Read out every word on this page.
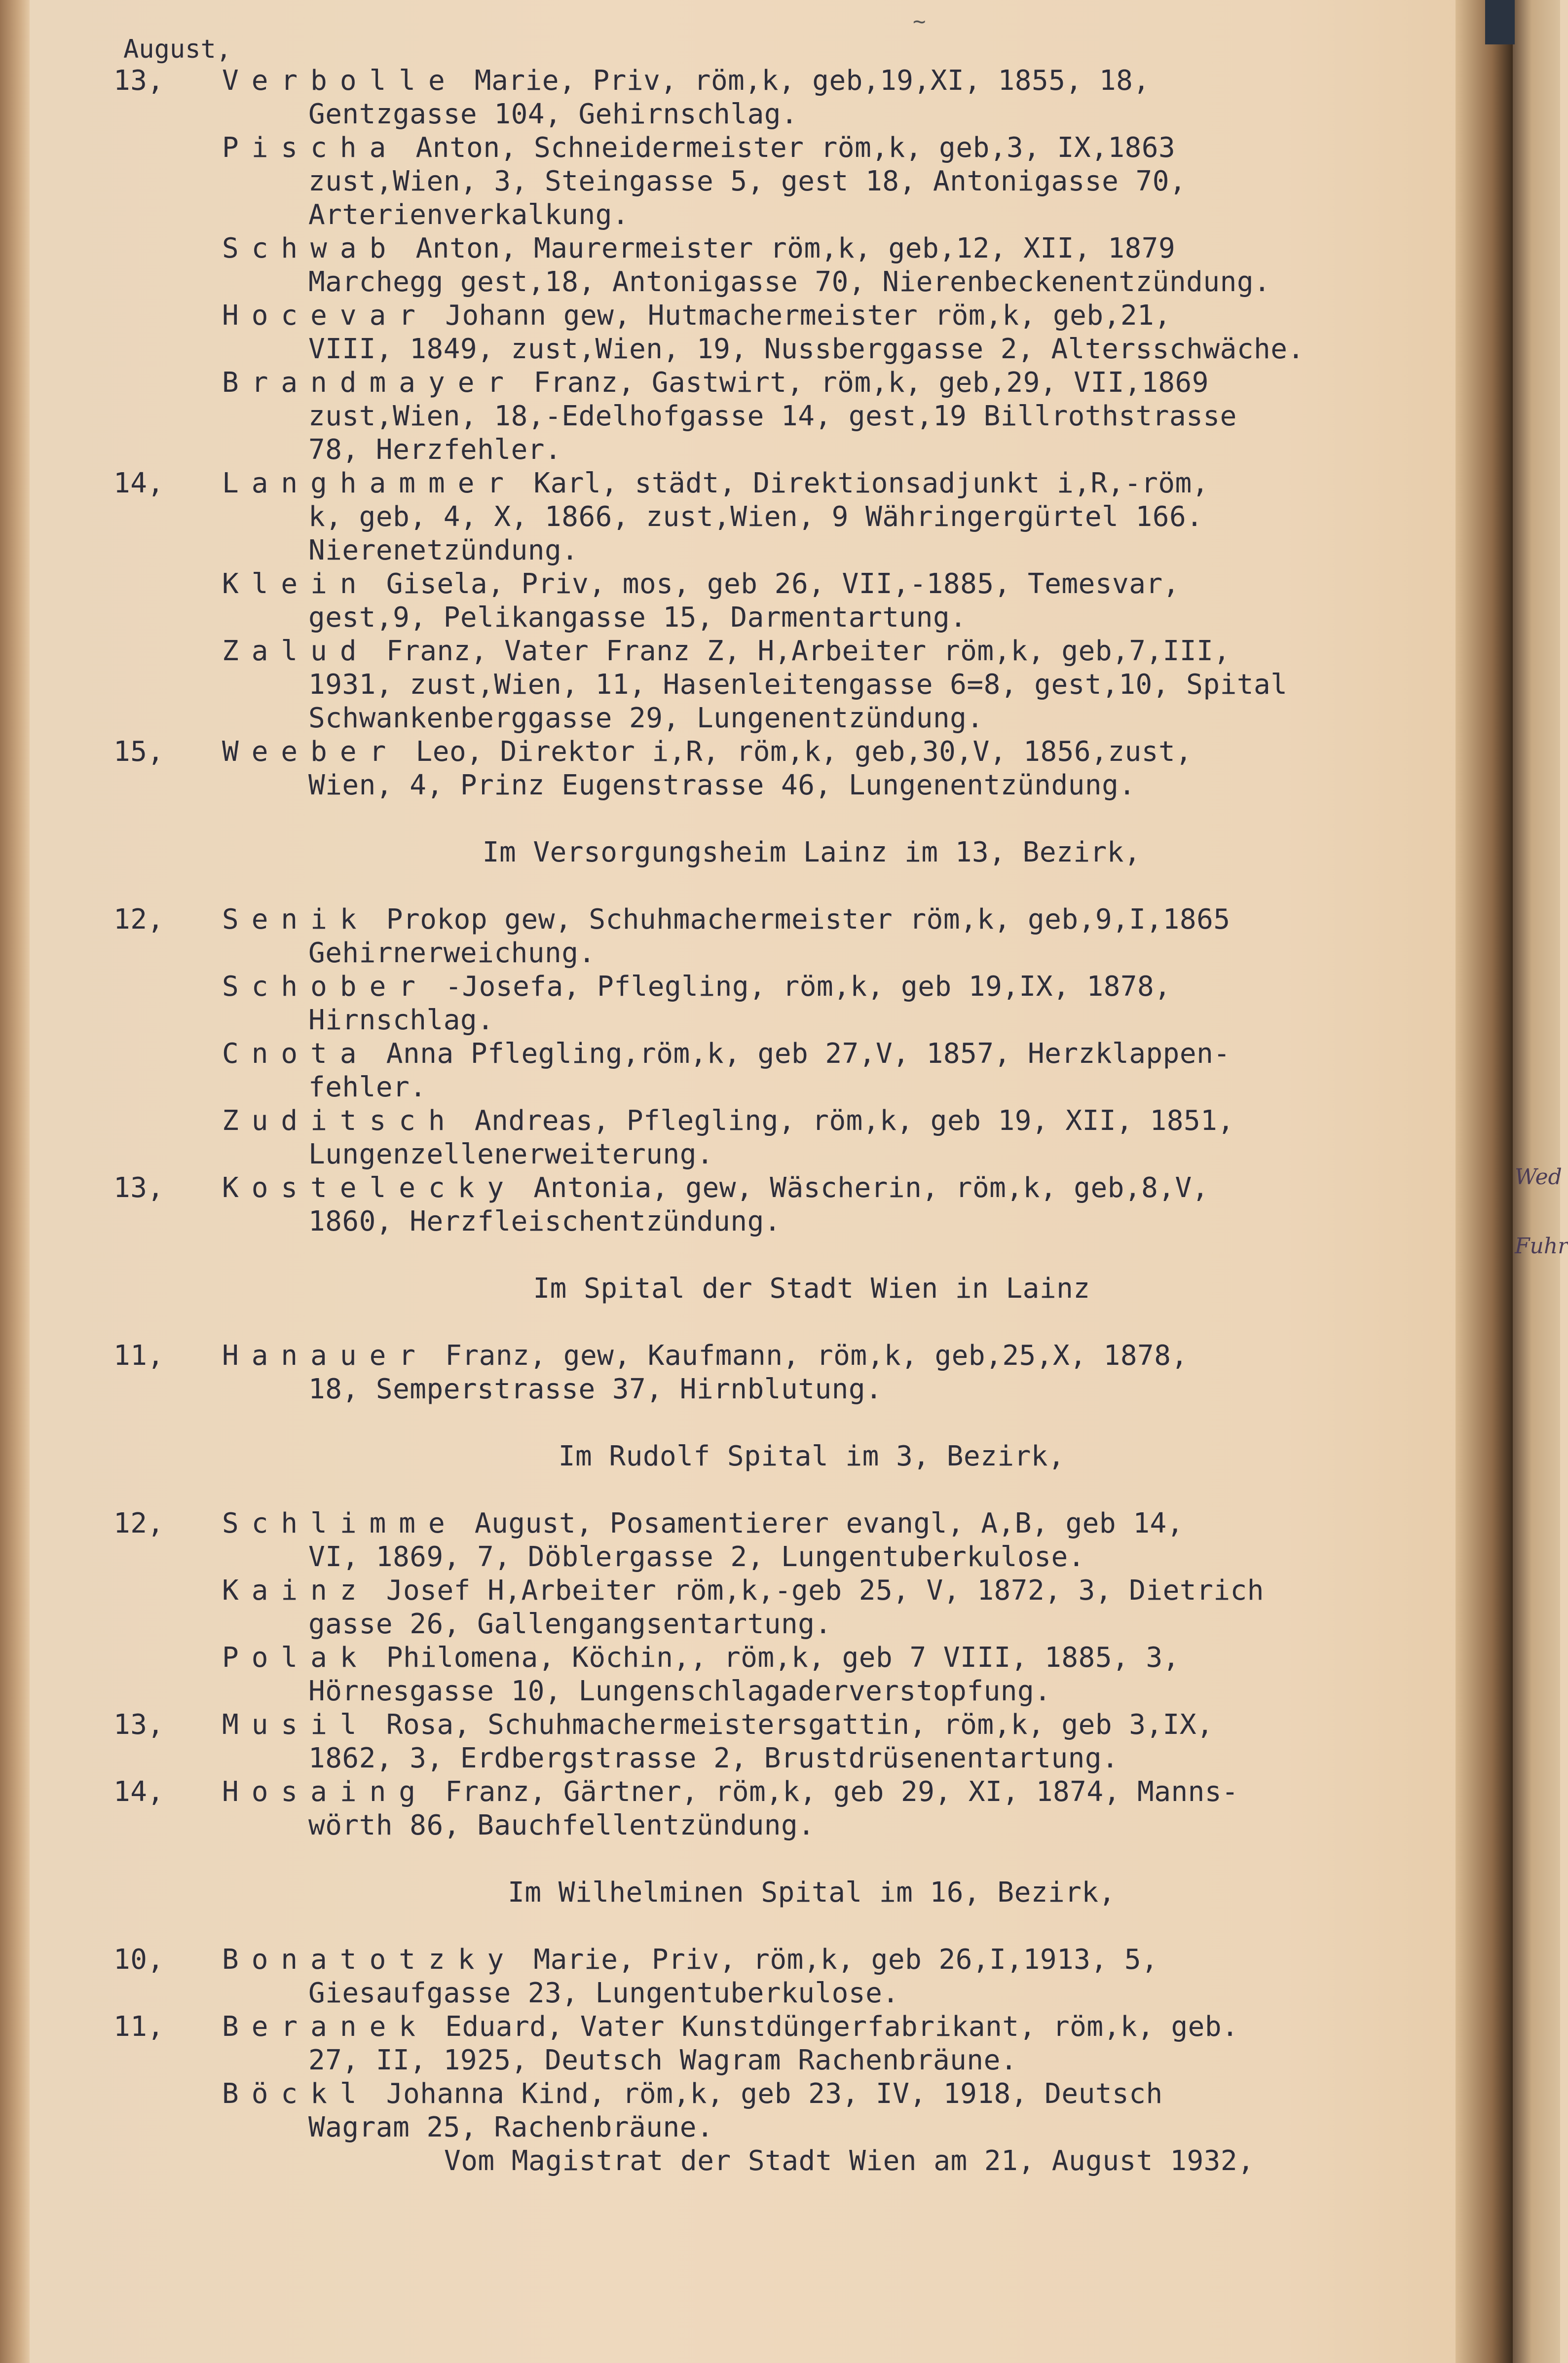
Wed
Fuhr
~
August,
13,	Verbolle Marie, Priv, röm,k, geb,19,XI, 1855, 18,
Gentzgasse 104, Gehirnschlag.
Pischa Anton, Schneidermeister röm,k, geb,3, IX,1863
zust,Wien, 3, Steingasse 5, gest 18, Antonigasse 70,
Arterienverkalkung.
Schwab Anton, Maurermeister röm,k, geb,12, XII, 1879
Marchegg gest,18, Antonigasse 70, Nierenbeckenentzündung.
Hocevar Johann gew, Hutmachermeister röm,k, geb,21,
VIII, 1849, zust,Wien, 19, Nussberggasse 2, Altersschwäche.
Brandmayer Franz, Gastwirt, röm,k, geb,29, VII,1869
zust,Wien, 18,-Edelhofgasse 14, gest,19 Billrothstrasse
78, Herzfehler.
14,	Langhammer Karl, städt, Direktionsadjunkt i,R,-röm,
k, geb, 4, X, 1866, zust,Wien, 9 Währingergürtel 166.
Nierenetzündung.
Klein Gisela, Priv, mos, geb 26, VII,-1885, Temesvar,
gest,9, Pelikangasse 15, Darmentartung.
Zalud Franz, Vater Franz Z, H,Arbeiter röm,k, geb,7,III,
1931, zust,Wien, 11, Hasenleitengasse 6=8, gest,10, Spital
Schwankenberggasse 29, Lungenentzündung.
15,	Weeber Leo, Direktor i,R, röm,k, geb,30,V, 1856,zust,
Wien, 4, Prinz Eugenstrasse 46, Lungenentzündung.
Im Versorgungsheim Lainz im 13, Bezirk,
12,	Senik Prokop gew, Schuhmachermeister röm,k, geb,9,I,1865
Gehirnerweichung.
Schober -Josefa, Pflegling, röm,k, geb 19,IX, 1878,
Hirnschlag.
Cnota Anna Pflegling,röm,k, geb 27,V, 1857, Herzklappen-
fehler.
Zuditsch Andreas, Pflegling, röm,k, geb 19, XII, 1851,
Lungenzellenerweiterung.
13,	Kostelecky Antonia, gew, Wäscherin, röm,k, geb,8,V,
1860, Herzfleischentzündung.
Im Spital der Stadt Wien in Lainz
11,	Hanauer Franz, gew, Kaufmann, röm,k, geb,25,X, 1878,
18, Semperstrasse 37, Hirnblutung.
Im Rudolf Spital im 3, Bezirk,
12,	Schlimme August, Posamentierer evangl, A,B, geb 14,
VI, 1869, 7, Döblergasse 2, Lungentuberkulose.
Kainz Josef H,Arbeiter röm,k,-geb 25, V, 1872, 3, Dietrich
gasse 26, Gallengangsentartung.
Polak Philomena, Köchin,, röm,k, geb 7 VIII, 1885, 3,
Hörnesgasse 10, Lungenschlagaderverstopfung.
13,	Musil Rosa, Schuhmachermeistersgattin, röm,k, geb 3,IX,
1862, 3, Erdbergstrasse 2, Brustdrüsenentartung.
14,	Hosaing Franz, Gärtner, röm,k, geb 29, XI, 1874, Manns-
wörth 86, Bauchfellentzündung.
Im Wilhelminen Spital im 16, Bezirk,
10,	Bonatotzky Marie, Priv, röm,k, geb 26,I,1913, 5,
Giesaufgasse 23, Lungentuberkulose.
11,	Beranek Eduard, Vater Kunstdüngerfabrikant, röm,k, geb.
27, II, 1925, Deutsch Wagram Rachenbräune.
Böckl Johanna Kind, röm,k, geb 23, IV, 1918, Deutsch
Wagram 25, Rachenbräune.
Vom Magistrat der Stadt Wien am 21, August 1932,
